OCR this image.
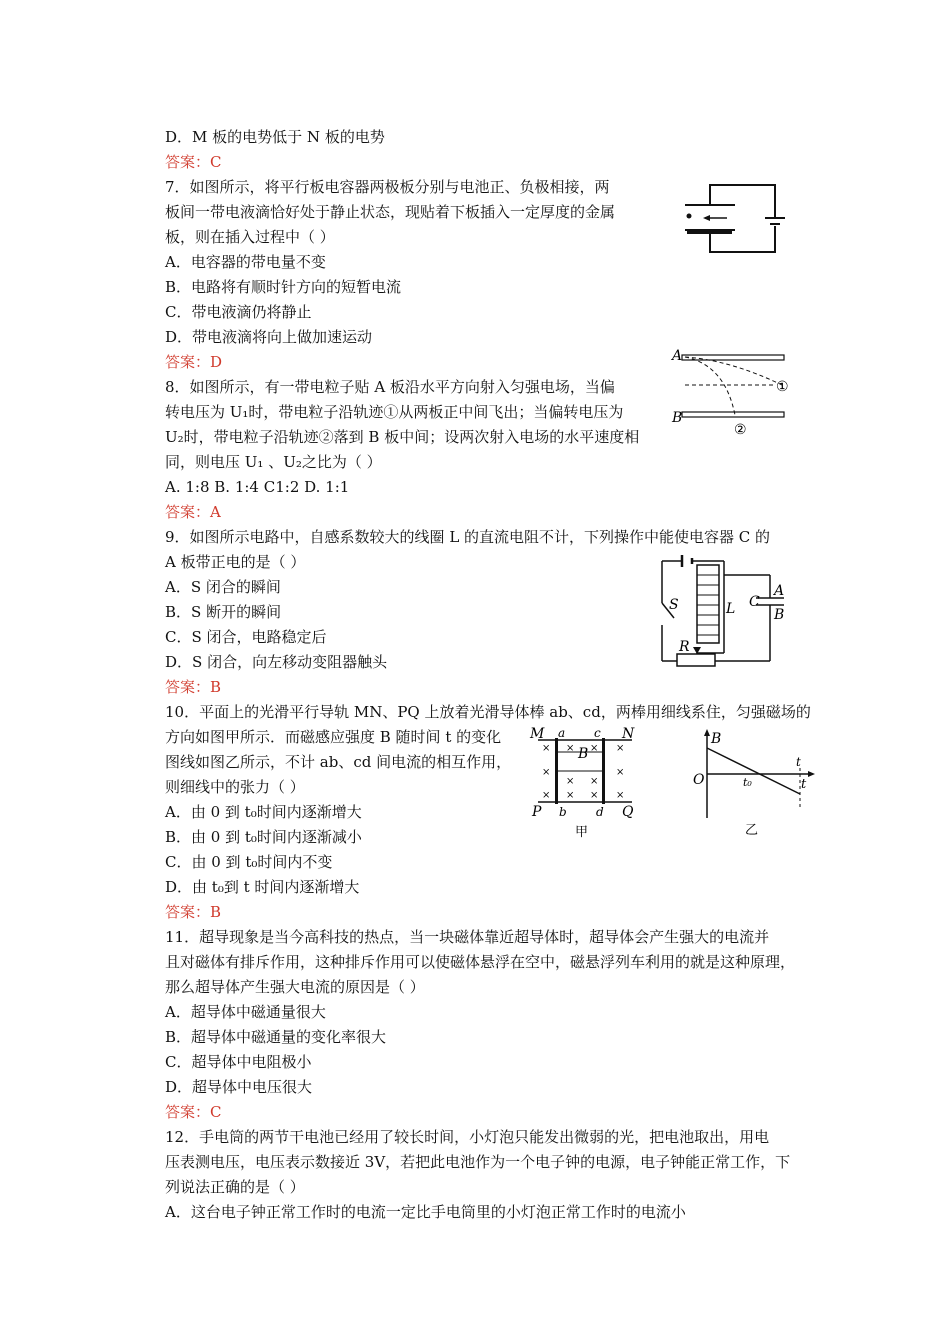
D．M 板的电势低于 N 板的电势
答案：C
7．如图所示，将平行板电容器两极板分别与电池正、负极相接，两
板间一带电液滴恰好处于静止状态，现贴着下板插入一定厚度的金属
板，则在插入过程中（ ）
A．电容器的带电量不变
B．电路将有顺时针方向的短暂电流
C．带电液滴仍将静止
D．带电液滴将向上做加速运动
答案：D
8．如图所示，有一带电粒子贴 A 板沿水平方向射入匀强电场，当偏
转电压为 U₁时，带电粒子沿轨迹①从两板正中间飞出；当偏转电压为
U₂时，带电粒子沿轨迹②落到 B 板中间；设两次射入电场的水平速度相
同，则电压 U₁ 、U₂之比为（ ）
A. 1:8 B. 1:4 C1:2 D. 1:1
答案：A
A
B
①
②
9．如图所示电路中，自感系数较大的线圈 L 的直流电阻不计，下列操作中能使电容器 C 的
A 板带正电的是（ ）
A．S 闭合的瞬间
B．S 断开的瞬间
C．S 闭合，电路稳定后
D．S 闭合，向左移动变阻器触头
答案：B
S	L C
A
B
R
10．平面上的光滑平行导轨 MN、PQ 上放着光滑导体棒 ab、cd，两棒用细线系住，匀强磁场的
方向如图甲所示．而磁感应强度 B 随时间 t 的变化
图线如图乙所示，不计 ab、cd 间电流的相互作用，
则细线中的张力（ ）
A．由 0 到 t₀时间内逐渐增大
B．由 0 到 t₀时间内逐渐减小
C．由 0 到 t₀时间内不变
D．由 t₀到 t 时间内逐渐增大
答案：B
M a c N
P b d Q
B
× × × ×
×
× ×
×
× × × ×
甲
B
O	t
t₀
t
乙
11．超导现象是当今高科技的热点，当一块磁体靠近超导体时，超导体会产生强大的电流并
且对磁体有排斥作用，这种排斥作用可以使磁体悬浮在空中，磁悬浮列车利用的就是这种原理，
那么超导体产生强大电流的原因是（ ）
A．超导体中磁通量很大
B．超导体中磁通量的变化率很大
C．超导体中电阻极小
D．超导体中电压很大
答案：C
12．手电筒的两节干电池已经用了较长时间，小灯泡只能发出微弱的光，把电池取出，用电
压表测电压，电压表示数接近 3V，若把此电池作为一个电子钟的电源，电子钟能正常工作，下
列说法正确的是（ ）
A．这台电子钟正常工作时的电流一定比手电筒里的小灯泡正常工作时的电流小
